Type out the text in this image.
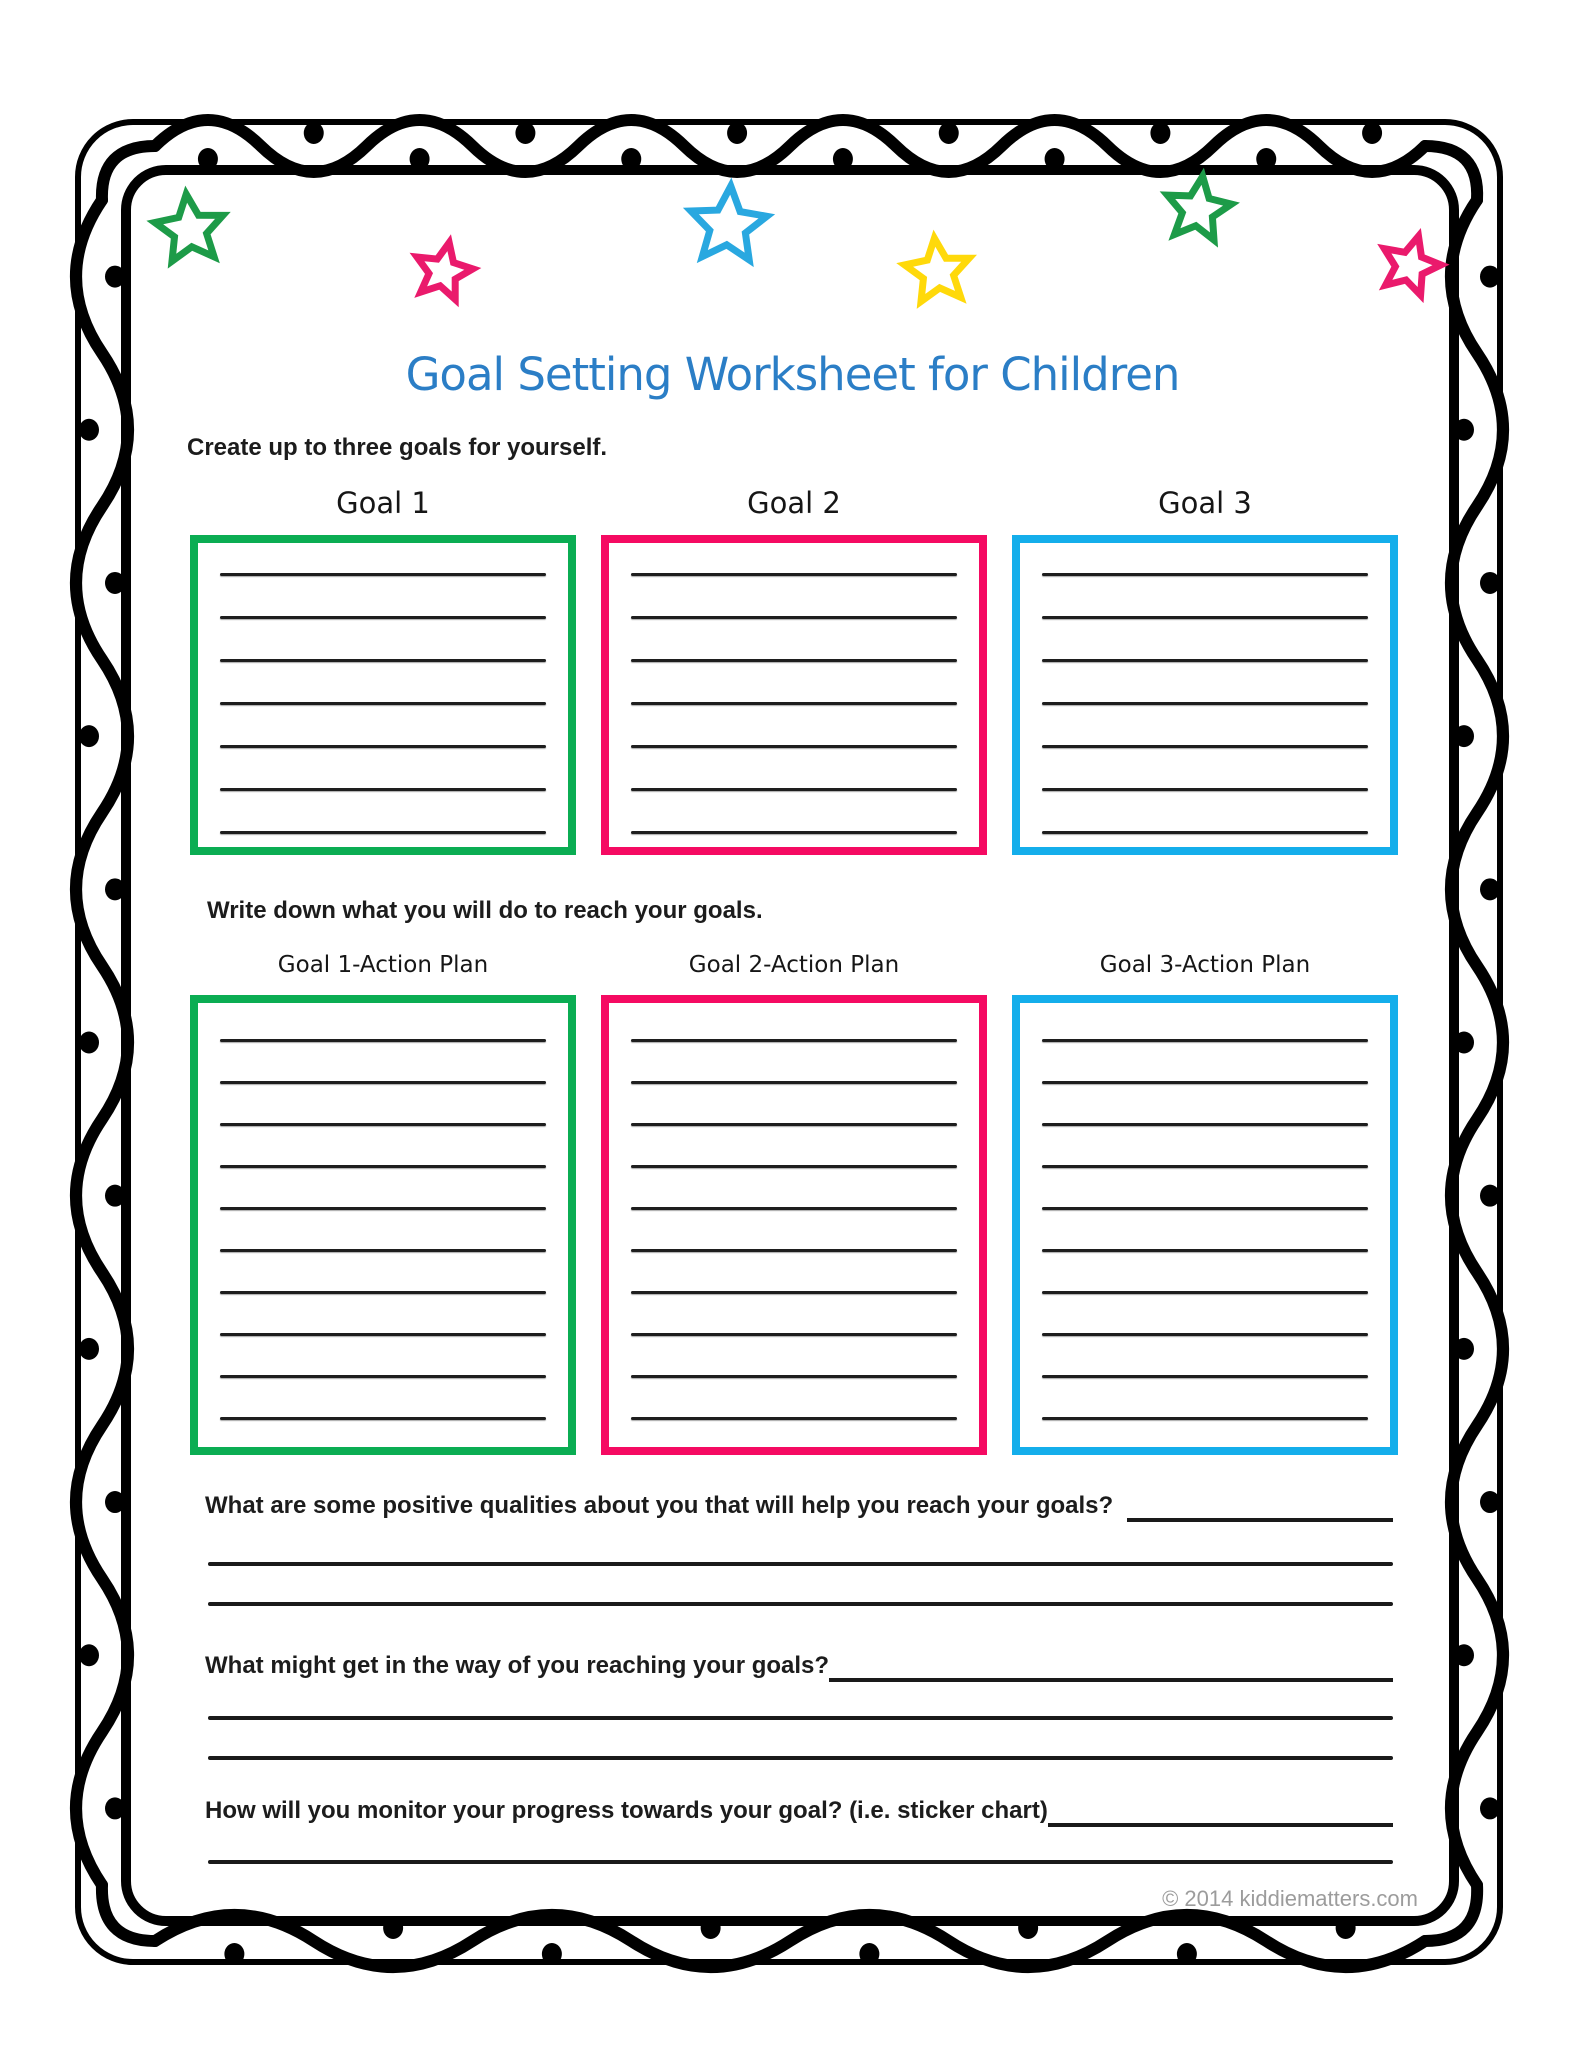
Goal Setting Worksheet for Children

Create up to three goals for yourself.

Goal 1	Goal 2	Goal 3

Write down what you will do to reach your goals.

Goal 1-Action Plan	Goal 2-Action Plan	Goal 3-Action Plan
What are some positive qualities about you that will help you reach your goals?
What might get in the way of you reaching your goals?
How will you monitor your progress towards your goal? (i.e. sticker chart)

© 2014 kiddiematters.com
